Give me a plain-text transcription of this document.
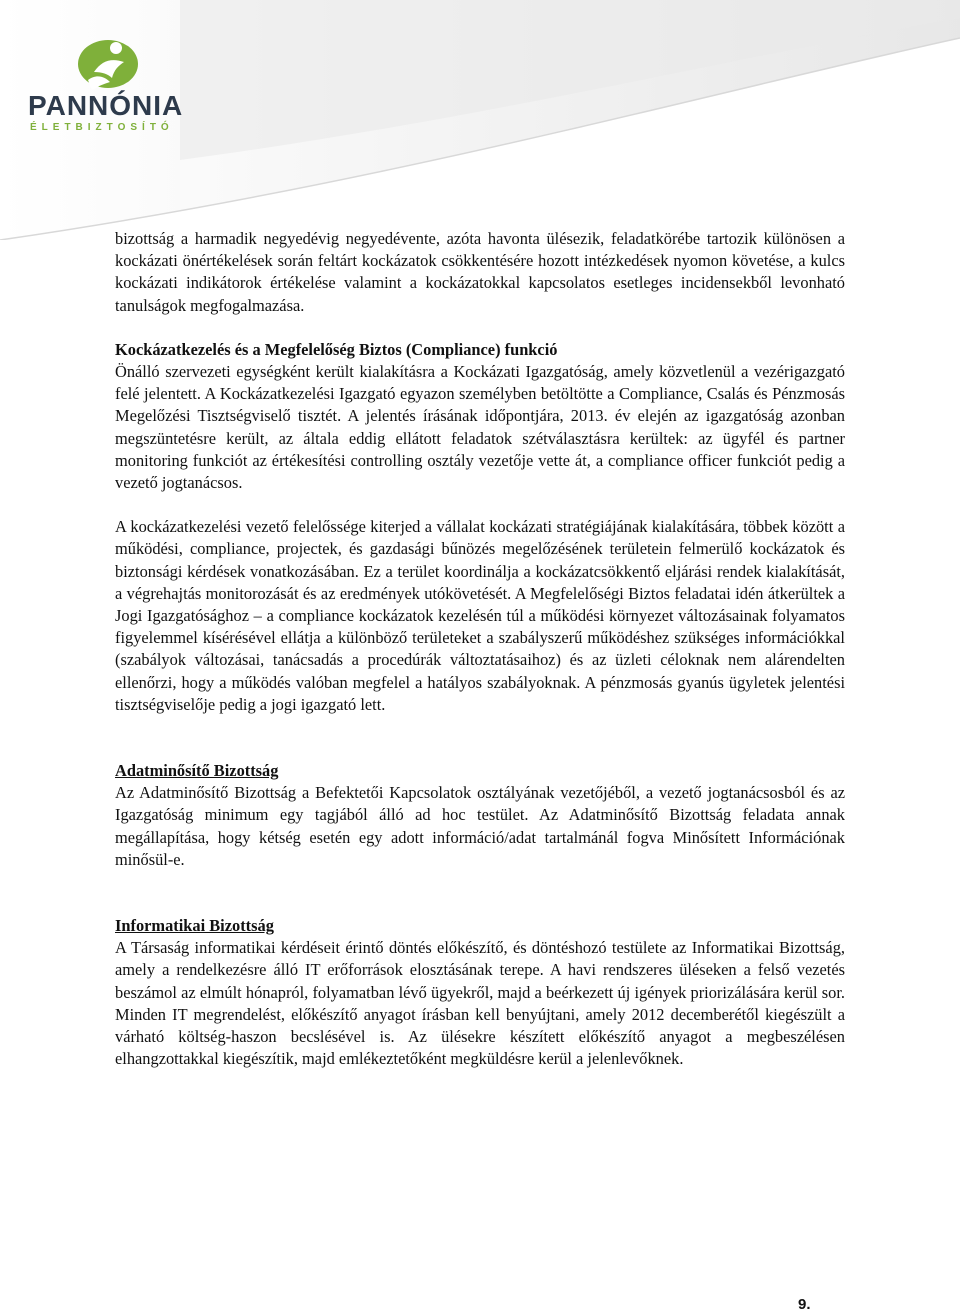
PANNÓNIA
ÉLETBIZTOSÍTÓ

bizottság a harmadik negyedévig negyedévente, azóta havonta ülésezik, feladatkörébe tartozik különösen a kockázati önértékelések során feltárt kockázatok csökkentésére hozott intézkedések nyomon követése, a kulcs kockázati indikátorok értékelése valamint a kockázatokkal kapcsolatos esetleges incidensekből levonható tanulságok megfogalmazása.

Kockázatkezelés és a Megfelelőség Biztos (Compliance) funkció

Önálló szervezeti egységként került kialakításra a Kockázati Igazgatóság, amely közvetlenül a vezérigazgató felé jelentett. A Kockázatkezelési Igazgató egyazon személyben betöltötte a Compliance, Csalás és Pénzmosás Megelőzési Tisztségviselő tisztét. A jelentés írásának időpontjára, 2013. év elején az igazgatóság azonban megszüntetésre került, az általa eddig ellátott feladatok szétválasztásra kerültek: az ügyfél és partner monitoring funkciót az értékesítési controlling osztály vezetője vette át, a compliance officer funkciót pedig a vezető jogtanácsos.

A kockázatkezelési vezető felelőssége kiterjed a vállalat kockázati stratégiájának kialakítására, többek között a működési, compliance, projectek, és gazdasági bűnözés megelőzésének területein felmerülő kockázatok és biztonsági kérdések vonatkozásában. Ez a terület koordinálja a kockázatcsökkentő eljárási rendek kialakítását, a végrehajtás monitorozását és az eredmények utókövetését. A Megfelelőségi Biztos feladatai idén átkerültek a Jogi Igazgatósághoz – a compliance kockázatok kezelésén túl a működési környezet változásainak folyamatos figyelemmel kísérésével ellátja a különböző területeket a szabályszerű működéshez szükséges információkkal (szabályok változásai, tanácsadás a procedúrák változtatásaihoz) és az üzleti céloknak nem alárendelten ellenőrzi, hogy a működés valóban megfelel a hatályos szabályoknak. A pénzmosás gyanús ügyletek jelentési tisztségviselője pedig a jogi igazgató lett.

Adatminősítő Bizottság

Az Adatminősítő Bizottság a Befektetői Kapcsolatok osztályának vezetőjéből, a vezető jogtanácsosból és az Igazgatóság minimum egy tagjából álló ad hoc testület. Az Adatminősítő Bizottság feladata annak megállapítása, hogy kétség esetén egy adott információ/adat tartalmánál fogva Minősített Információnak minősül-e.

Informatikai Bizottság

A Társaság informatikai kérdéseit érintő döntés előkészítő, és döntéshozó testülete az Informatikai Bizottság, amely a rendelkezésre álló IT erőforrások elosztásának terepe. A havi rendszeres üléseken a felső vezetés beszámol az elmúlt hónapról, folyamatban lévő ügyekről, majd a beérkezett új igények priorizálására kerül sor. Minden IT megrendelést, előkészítő anyagot írásban kell benyújtani, amely 2012 decemberétől kiegészült a várható költség-haszon becslésével is. Az ülésekre készített előkészítő anyagot a megbeszélésen elhangzottakkal kiegészítik, majd emlékeztetőként megküldésre kerül a jelenlevőknek.

9.
